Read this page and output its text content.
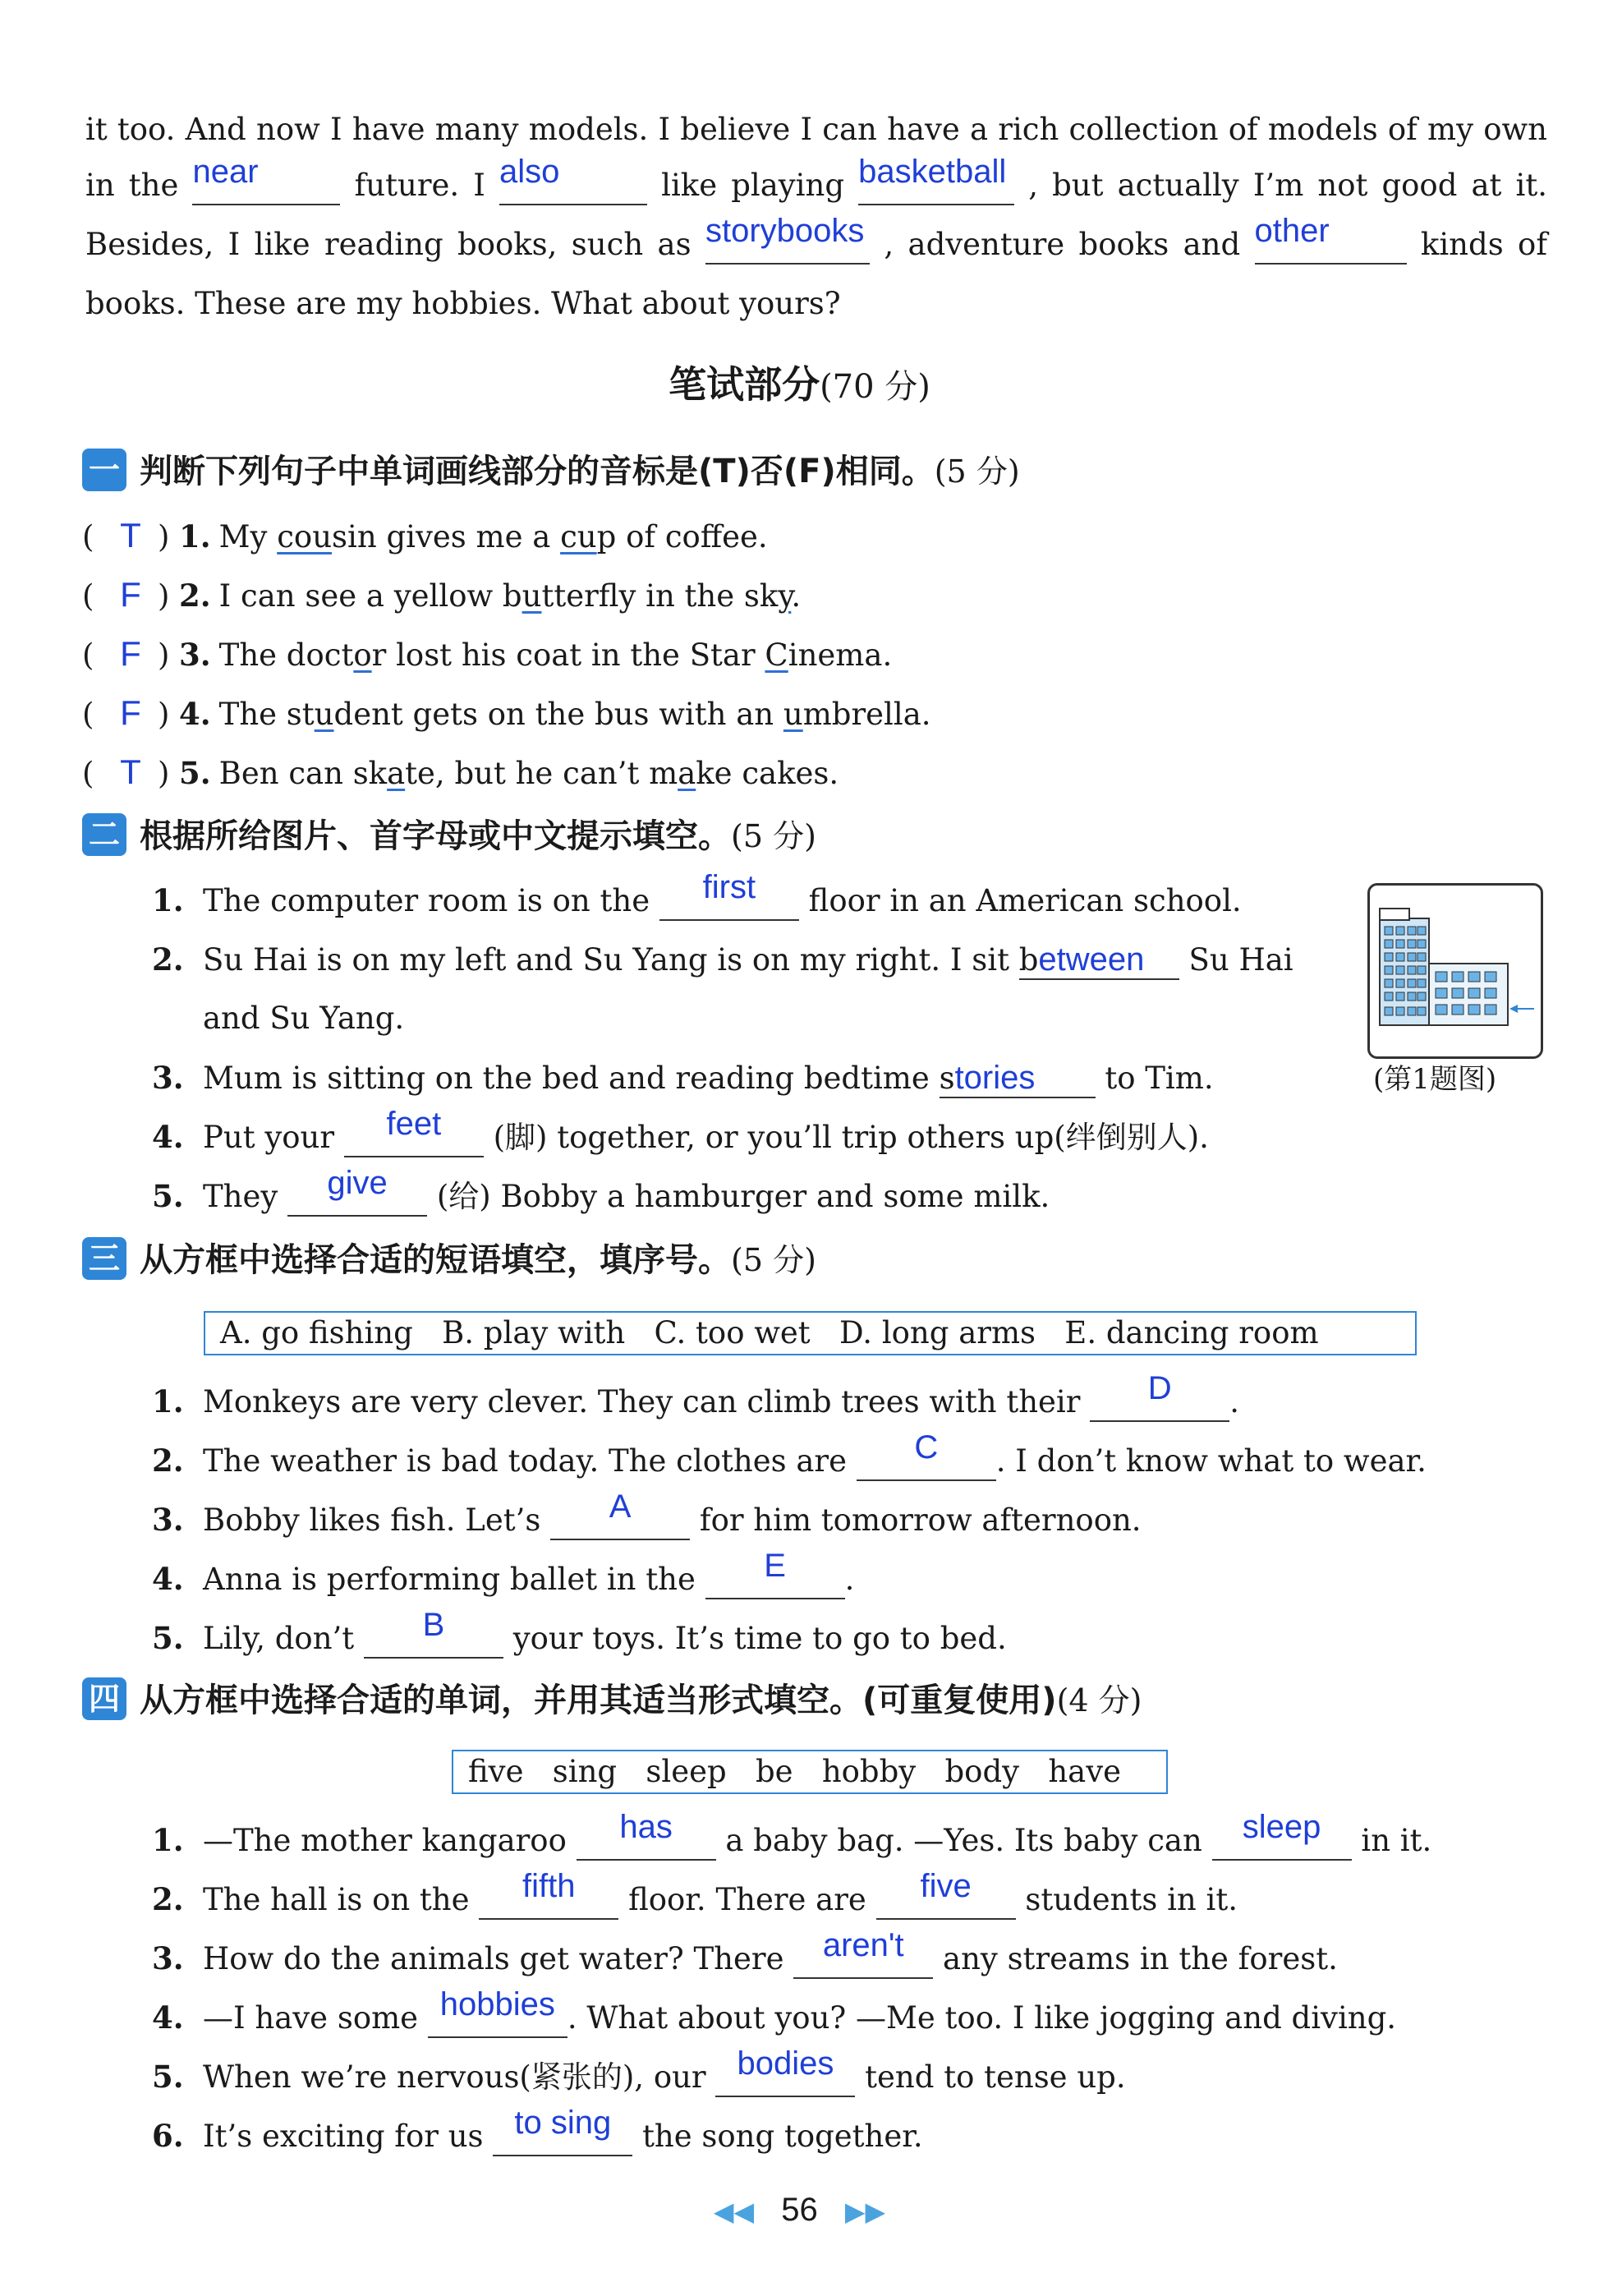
it too. And now I have many models. I believe I can have a rich collection of models of my own
in the near	future. I also	like playing basketball , but actually I’m not good at it.
Besides, I like reading books, such as storybooks , adventure books and other	kinds of
books. These are my hobbies. What about yours?
笔试部分(70 分)
一 判断下列句子中单词画线部分的音标是(T)否(F)相同。(5 分)
( T ) 1. My cousin gives me a cup of coffee.
( F ) 2. I can see a yellow butterfly in the sky.
( F ) 3. The doctor lost his coat in the Star Cinema.
( F ) 4. The student gets on the bus with an umbrella.
( T ) 5. Ben can skate, but he can’t make cakes.
二 根据所给图片、首字母或中文提示填空。(5 分)
1. The computer room is on the first floor in an American school.
2. Su Hai is on my left and Su Yang is on my right. I sit between Su Hai
and Su Yang.
3. Mum is sitting on the bed and reading bedtime stories to Tim.
4. Put your feet (脚) together, or you’ll trip others up(绊倒别人).
5. They give (给) Bobby a hamburger and some milk.
(第1题图)
三 从方框中选择合适的短语填空，填序号。(5 分)
A. go fishing   B. play with   C. too wet   D. long arms   E. dancing room
1. Monkeys are very clever. They can climb trees with their D .
2. The weather is bad today. The clothes are C . I don’t know what to wear.
3. Bobby likes fish. Let’s A for him tomorrow afternoon.
4. Anna is performing ballet in the E .
5. Lily, don’t B your toys. It’s time to go to bed.
四 从方框中选择合适的单词，并用其适当形式填空。(可重复使用)(4 分)
five   sing   sleep   be   hobby   body   have
1. —The mother kangaroo has a baby bag. —Yes. Its baby can sleep in it.
2. The hall is on the fifth floor. There are five students in it.
3. How do the animals get water? There aren't any streams in the forest.
4. —I have some hobbies . What about you? —Me too. I like jogging and diving.
5. When we’re nervous(紧张的), our bodies tend to tense up.
6. It’s exciting for us to sing the song together.
◀◀ 56 ▶▶
